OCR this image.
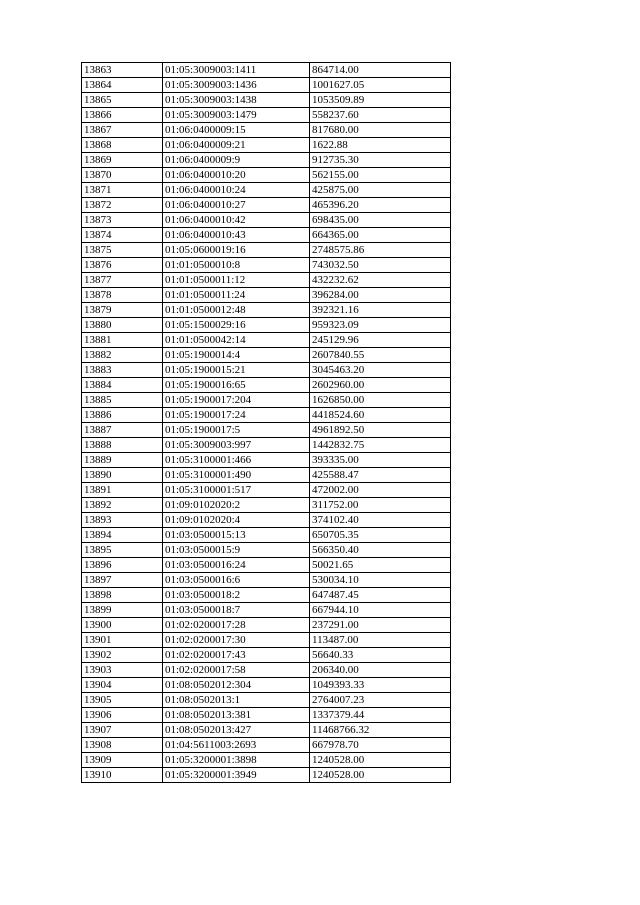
13863	01:05:3009003:1411	864714.00
13864	01:05:3009003:1436	1001627.05
13865	01:05:3009003:1438	1053509.89
13866	01:05:3009003:1479	558237.60
13867	01:06:0400009:15	817680.00
13868	01:06:0400009:21	1622.88
13869	01:06:0400009:9	912735.30
13870	01:06:0400010:20	562155.00
13871	01:06:0400010:24	425875.00
13872	01:06:0400010:27	465396.20
13873	01:06:0400010:42	698435.00
13874	01:06:0400010:43	664365.00
13875	01:05:0600019:16	2748575.86
13876	01:01:0500010:8	743032.50
13877	01:01:0500011:12	432232.62
13878	01:01:0500011:24	396284.00
13879	01:01:0500012:48	392321.16
13880	01:05:1500029:16	959323.09
13881	01:01:0500042:14	245129.96
13882	01:05:1900014:4	2607840.55
13883	01:05:1900015:21	3045463.20
13884	01:05:1900016:65	2602960.00
13885	01:05:1900017:204	1626850.00
13886	01:05:1900017:24	4418524.60
13887	01:05:1900017:5	4961892.50
13888	01:05:3009003:997	1442832.75
13889	01:05:3100001:466	393335.00
13890	01:05:3100001:490	425588.47
13891	01:05:3100001:517	472002.00
13892	01:09:0102020:2	311752.00
13893	01:09:0102020:4	374102.40
13894	01:03:0500015:13	650705.35
13895	01:03:0500015:9	566350.40
13896	01:03:0500016:24	50021.65
13897	01:03:0500016:6	530034.10
13898	01:03:0500018:2	647487.45
13899	01:03:0500018:7	667944.10
13900	01:02:0200017:28	237291.00
13901	01:02:0200017:30	113487.00
13902	01:02:0200017:43	56640.33
13903	01:02:0200017:58	206340.00
13904	01:08:0502012:304	1049393.33
13905	01:08:0502013:1	2764007.23
13906	01:08:0502013:381	1337379.44
13907	01:08:0502013:427	11468766.32
13908	01:04:5611003:2693	667978.70
13909	01:05:3200001:3898	1240528.00
13910	01:05:3200001:3949	1240528.00
